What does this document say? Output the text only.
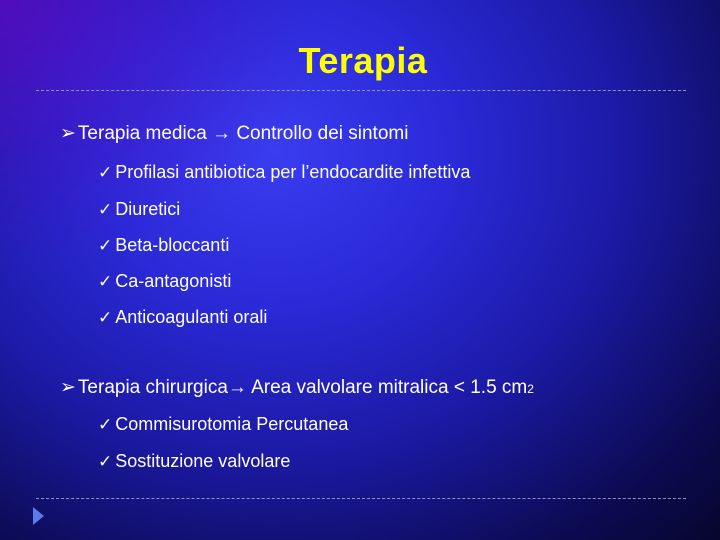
Terapia
➢ Terapia medica → Controllo dei sintomi
✓ Profilasi antibiotica per l’endocardite infettiva
✓ Diuretici
✓ Beta-bloccanti
✓ Ca-antagonisti
✓ Anticoagulanti orali
➢ Terapia chirurgica→ Area valvolare mitralica < 1.5 cm 2
✓ Commisurotomia Percutanea
✓ Sostituzione valvolare
